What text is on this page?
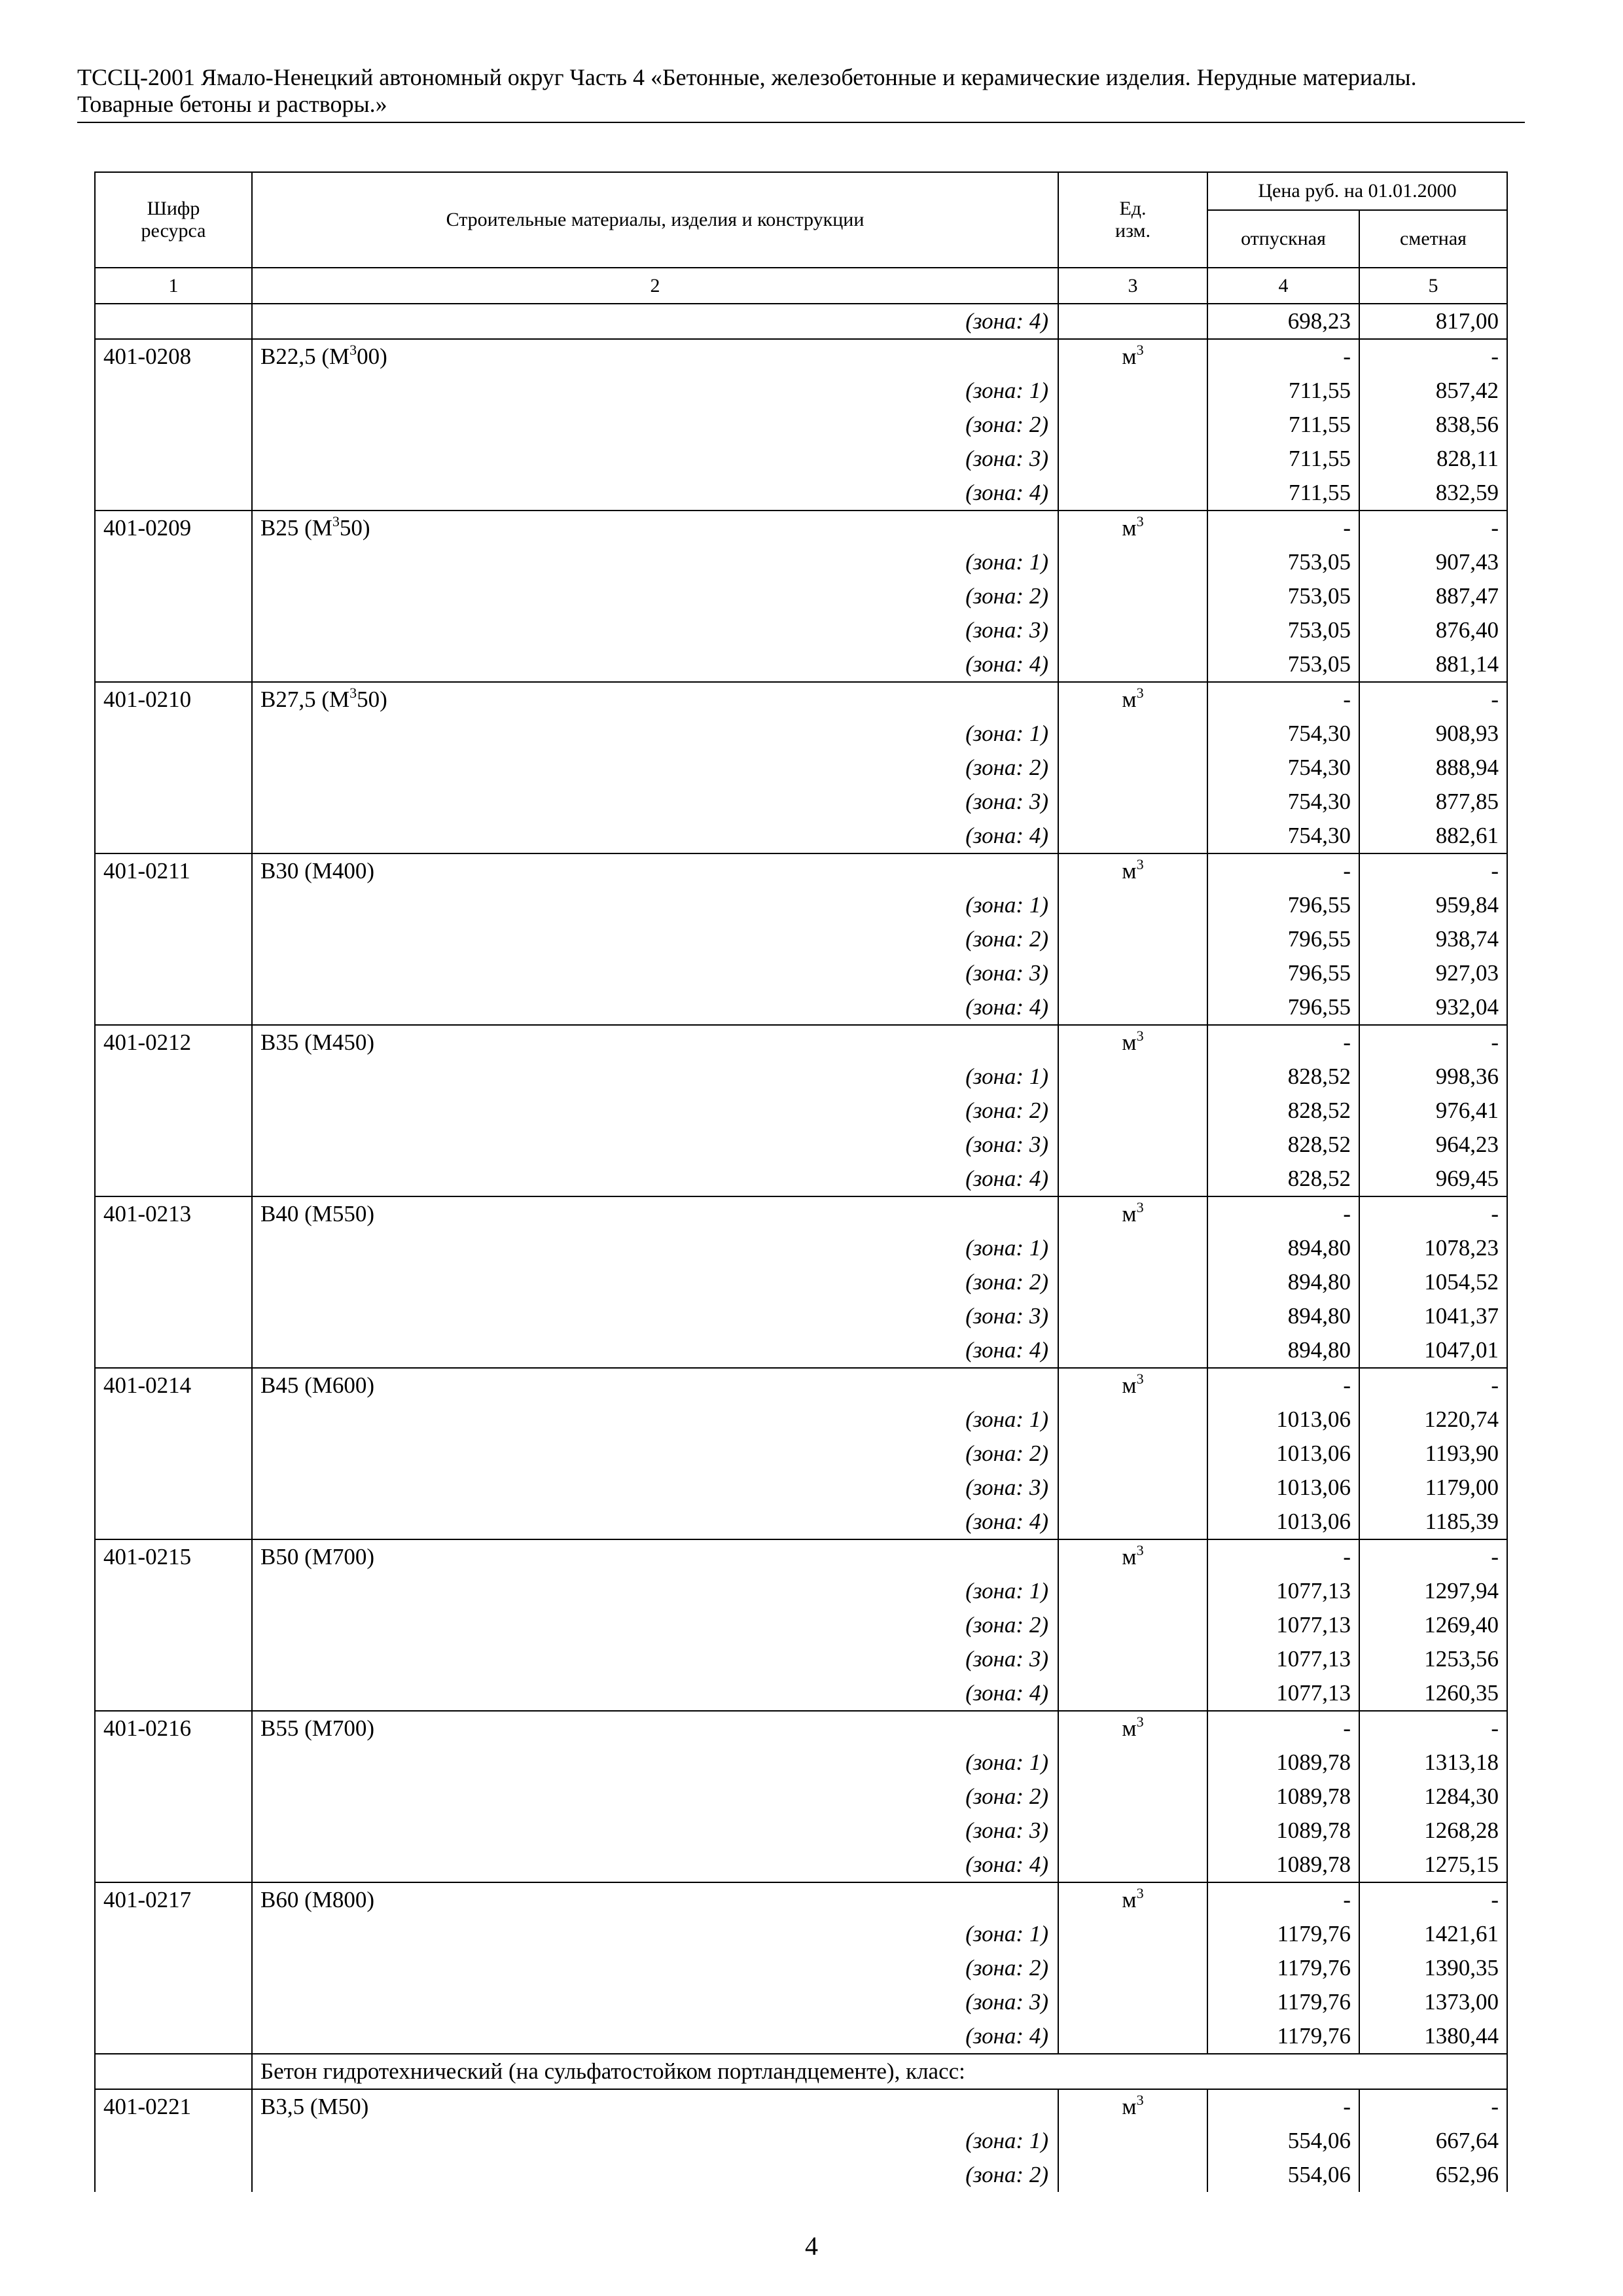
ТССЦ-2001 Ямало-Ненецкий автономный округ Часть 4 «Бетонные, железобетонные и керамические изделия. Нерудные материалы.
Товарные бетоны и растворы.»
Шифр ресурса	Строительные материалы, изделия и конструкции	Ед. изм.	Цена руб. на 01.01.2000	
			отпускная	сметная
1	2	3	4	5
	(зона: 4)		698,23	817,00
401-0208	B22,5 $(M^300)$	$м^3$	-	-
	(зона: 1)		711,55	857,42
	(зона: 2)		711,55	838,56
	(зона: 3)		711,55	828,11
	(зона: 4)		711,55	832,59
401-0209	B25 $(M^350)$	$м^3$	-	-
	(зона: 1)		753,05	907,43
	(зона: 2)		753,05	887,47
	(зона: 3)		753,05	876,40
	(зона: 4)		753,05	881,14
401-0210	B27,5 $(M^350)$	$м^3$	-	-
	(зона: 1)		754,30	908,93
	(зона: 2)		754,30	888,94
	(зона: 3)		754,30	877,85
	(зона: 4)		754,30	882,61
401-0211	B30 (M400)	$м^3$	-	-
	(зона: 1)		796,55	959,84
	(зона: 2)		796,55	938,74
	(зона: 3)		796,55	927,03
	(зона: 4)		796,55	932,04
401-0212	B35 (M450)	$м^3$	-	-
	(зона: 1)		828,52	998,36
	(зона: 2)		828,52	976,41
	(зона: 3)		828,52	964,23
	(зона: 4)		828,52	969,45
401-0213	B40 (M550)	$м^3$	-	-
	(зона: 1)		894,80	1078,23
	(зона: 2)		894,80	1054,52
	(зона: 3)		894,80	1041,37
	(зона: 4)		894,80	1047,01
401-0214	B45 (M600)	$м^3$	-	-
	(зона: 1)		1013,06	1220,74
	(зона: 2)		1013,06	1193,90
	(зона: 3)		1013,06	1179,00
	(зона: 4)		1013,06	1185,39
401-0215	B50 (M700)	$м^3$	-	-
	(зона: 1)		1077,13	1297,94
	(зона: 2)		1077,13	1269,40
	(зона: 3)		1077,13	1253,56
	(зона: 4)		1077,13	1260,35
401-0216	B55 (M700)	$м^3$	-	-
	(зона: 1)		1089,78	1313,18
	(зона: 2)		1089,78	1284,30
	(зона: 3)		1089,78	1268,28
	(зона: 4)		1089,78	1275,15
401-0217	B60 (M800)	$м^3$	-	-
	(зона: 1)		1179,76	1421,61
	(зона: 2)		1179,76	1390,35
	(зона: 3)		1179,76	1373,00
	(зона: 4)		1179,76	1380,44
	Бетон гидротехнический (на сульфатостойком портландцементе), класс:			
401-0221	B3,5 (M50)	$м^3$	-	-
	(зона: 1)		554,06	667,64
	(зона: 2)		554,06	652,96
4
